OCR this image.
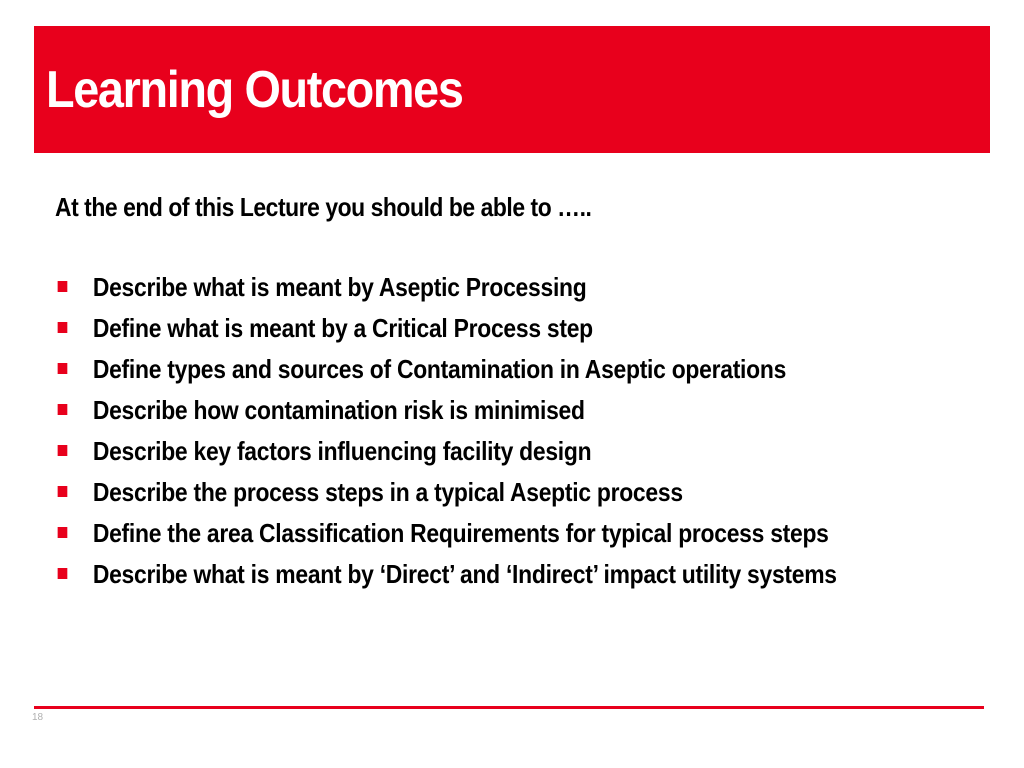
Learning Outcomes

At the end of this Lecture you should be able to …..

Describe what is meant by Aseptic Processing
Define what is meant by a Critical Process step
Define types and sources of Contamination in Aseptic operations
Describe how contamination risk is minimised
Describe key factors influencing facility design
Describe the process steps in a typical Aseptic process
Define the area Classification Requirements for typical process steps
Describe what is meant by ‘Direct’ and ‘Indirect’ impact utility systems
18
